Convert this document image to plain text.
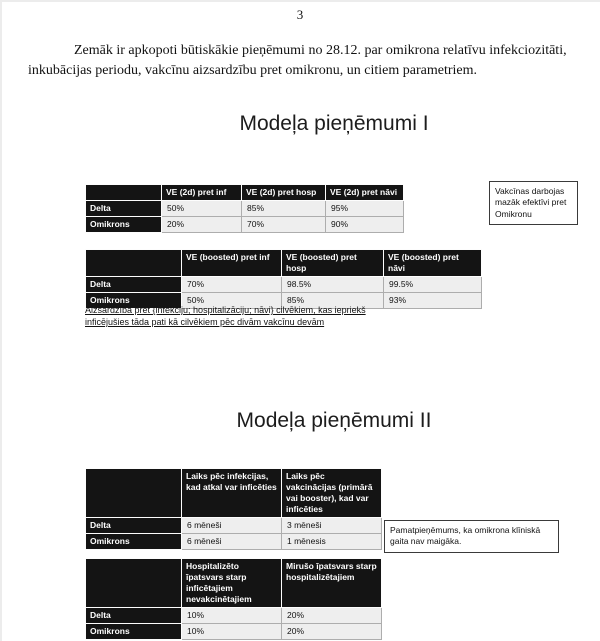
3

Zemāk ir apkopoti būtiskākie pieņēmumi no 28.12. par omikrona relatīvu infekciozitāti, inkubācijas periodu, vakcīnu aizsardzību pret omikronu, un citiem parametriem.

Modeļa pieņēmumi I
	VE (2d) pret inf	VE (2d) pret hosp	VE (2d) pret nāvi
Delta	50%	85%	95%
Omikrons	20%	70%	90%
Vakcīnas darbojas mazāk efektīvi pret Omikronu
	VE (boosted) pret inf	VE (boosted) pret hosp	VE (boosted) pret nāvi
Delta	70%	98.5%	99.5%
Omikrons	50%	85%	93%
Aizsardzība pret {infekciju; hospitalizāciju; nāvi} cilvēkiem, kas iepriekš inficējušies tāda pati kā cilvēkiem pēc divām vakcīnu devām
Modeļa pieņēmumi II
	Laiks pēc infekcijas, kad atkal var inficēties	Laiks pēc vakcinācijas (primārā vai booster), kad var inficēties
Delta	6 mēneši	3 mēneši
Omikrons	6 mēneši	1 mēnesis
Pamatpieņēmums, ka omikrona klīniskā gaita nav maigāka.
	Hospitalizēto īpatsvars starp inficētajiem nevakcinētajiem	Mirušo īpatsvars starp hospitalizētajiem
Delta	10%	20%
Omikrons	10%	20%
